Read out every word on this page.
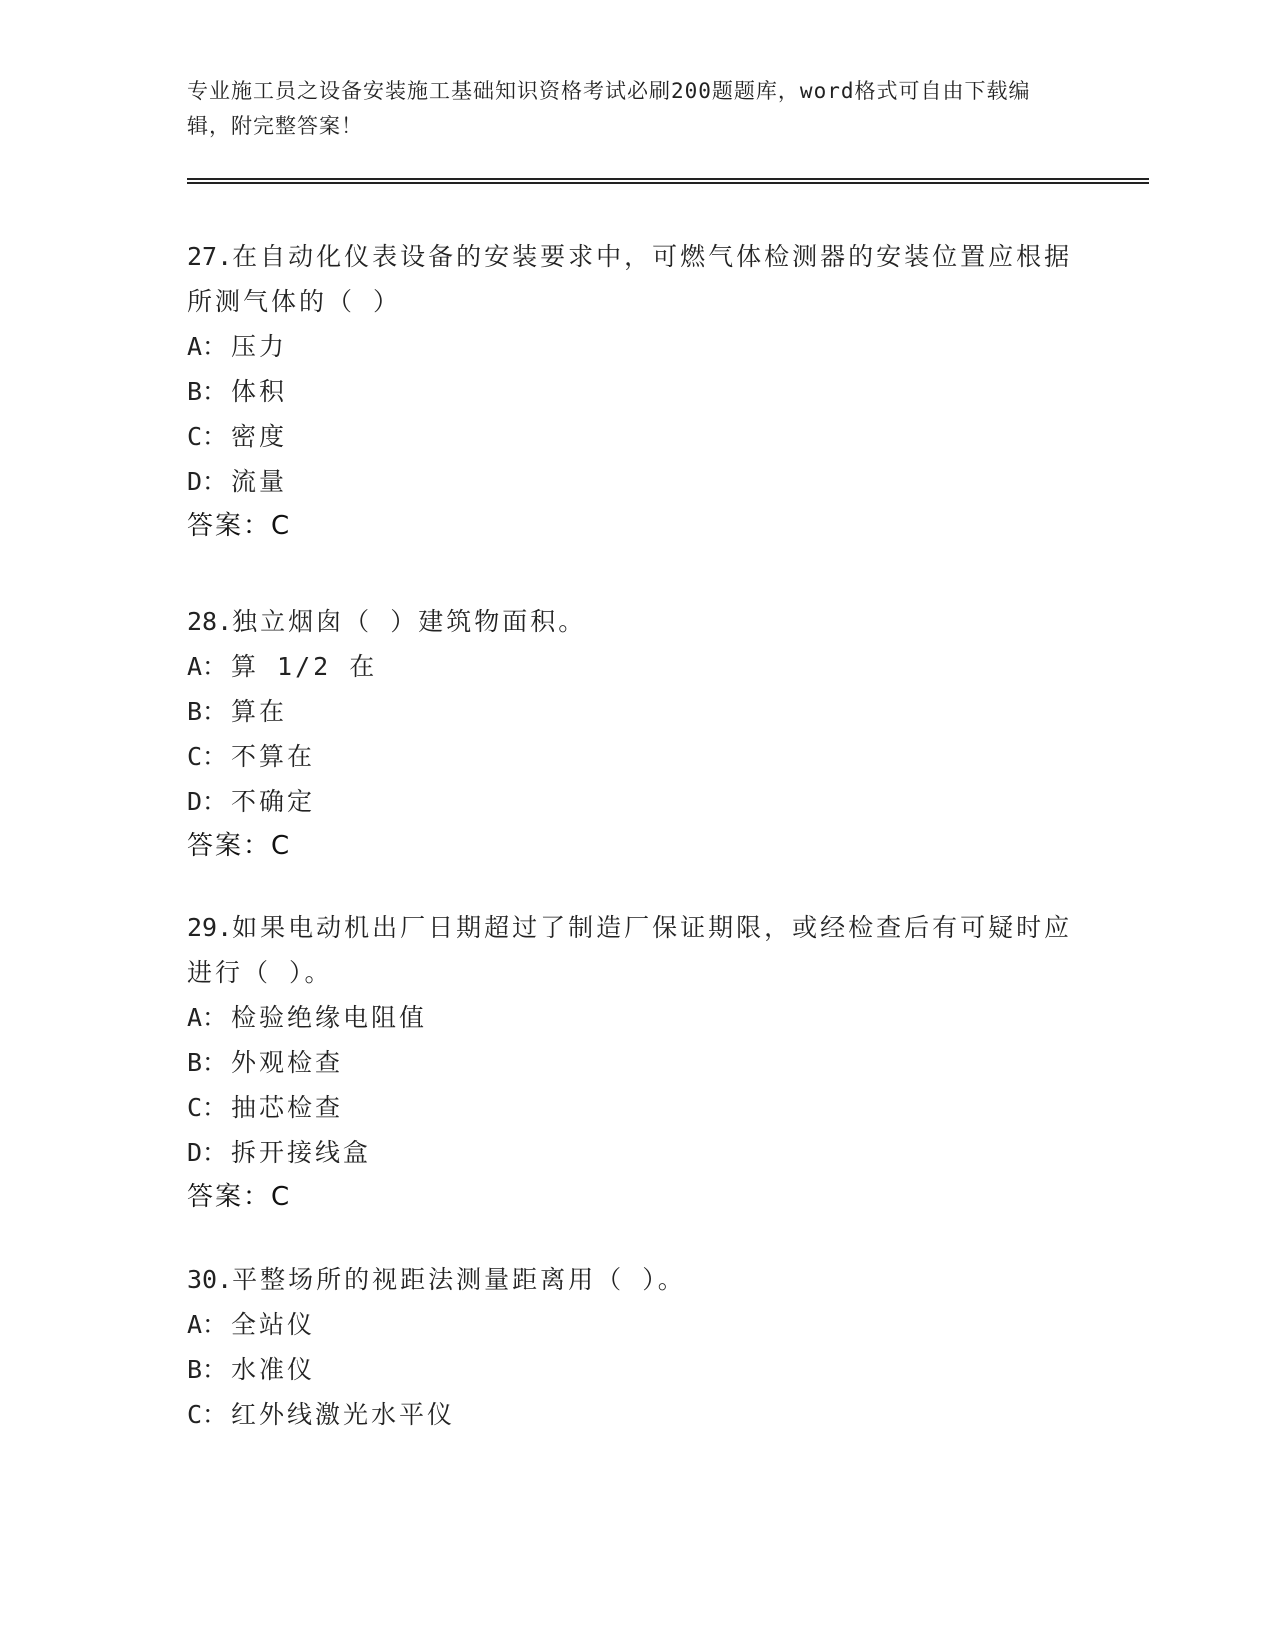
专业施工员之设备安装施工基础知识资格考试必刷200题题库，word格式可自由下载编辑，附完整答案！

27.在自动化仪表设备的安装要求中，可燃气体检测器的安装位置应根据所测气体的（ ）

A： 压力
B： 体积
C： 密度
D： 流量
答案：C

28.独立烟囱（ ）建筑物面积。

A： 算 1/2 在
B： 算在
C： 不算在
D： 不确定
答案：C

29.如果电动机出厂日期超过了制造厂保证期限，或经检查后有可疑时应进行（ ）。

A： 检验绝缘电阻值
B： 外观检查
C： 抽芯检查
D： 拆开接线盒
答案：C

30.平整场所的视距法测量距离用（ ）。

A： 全站仪
B： 水准仪
C： 红外线激光水平仪
